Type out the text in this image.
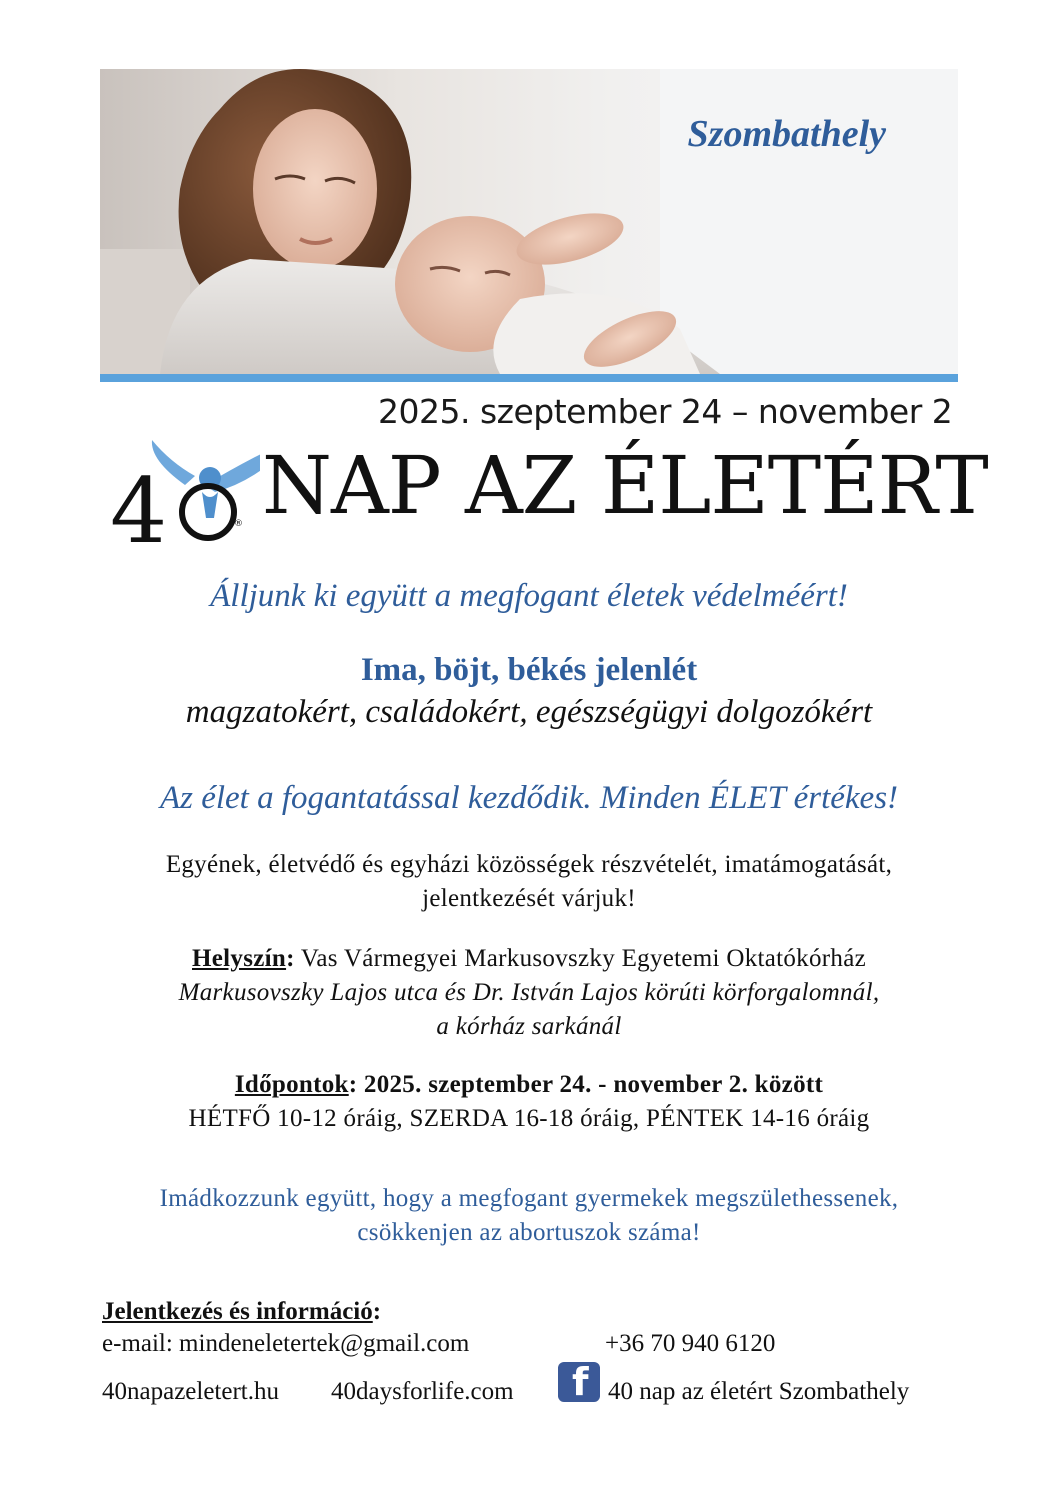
Szombathely
2025. szeptember 24 – november 2
4	® NAP AZ ÉLETÉRT
Álljunk ki együtt a megfogant életek védelméért!
Ima, böjt, békés jelenlét
magzatokért, családokért, egészségügyi dolgozókért
Az élet a fogantatással kezdődik. Minden ÉLET értékes!
Egyének, életvédő és egyházi közösségek részvételét, imatámogatását,
jelentkezését várjuk!
Helyszín: Vas Vármegyei Markusovszky Egyetemi Oktatókórház
Markusovszky Lajos utca és Dr. István Lajos körúti körforgalomnál,
a kórház sarkánál
Időpontok: 2025. szeptember 24. - november 2. között
HÉTFŐ 10-12 óráig, SZERDA 16-18 óráig, PÉNTEK 14-16 óráig
Imádkozzunk együtt, hogy a megfogant gyermekek megszülethessenek,
csökkenjen az abortuszok száma!
Jelentkezés és információ:
e-mail: mindeneletertek@gmail.com	+36 70 940 6120
40napazeletert.hu 40daysforlife.com f 40 nap az életért Szombathely
